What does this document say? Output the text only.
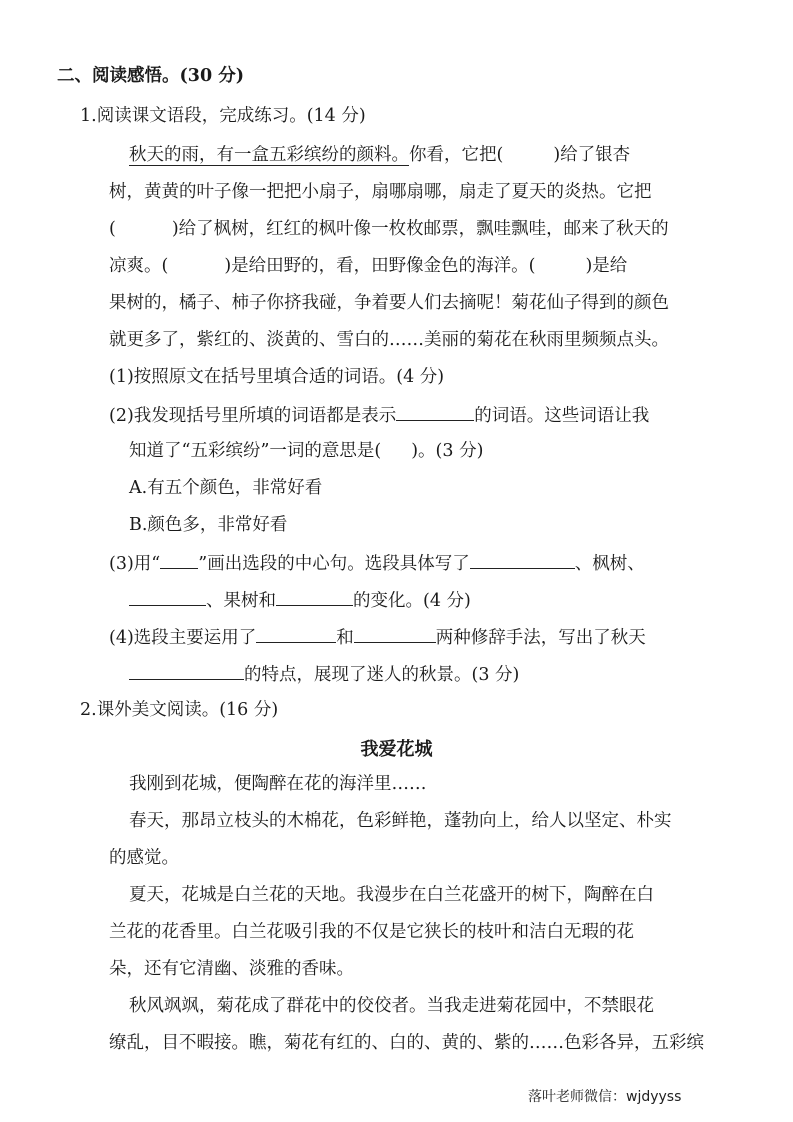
二、阅读感悟。(30 分)
1.阅读课文语段，完成练习。(14 分)
秋天的雨，有一盒五彩缤纷的颜料。你看，它把(	)给了银杏
树，黄黄的叶子像一把把小扇子，扇哪扇哪，扇走了夏天的炎热。它把
(	)给了枫树，红红的枫叶像一枚枚邮票，飘哇飘哇，邮来了秋天的
凉爽。(	)是给田野的，看，田野像金色的海洋。(	)是给
果树的，橘子、柿子你挤我碰，争着要人们去摘呢！菊花仙子得到的颜色
就更多了，紫红的、淡黄的、雪白的……美丽的菊花在秋雨里频频点头。
(1)按照原文在括号里填合适的词语。(4 分)
(2)我发现括号里所填的词语都是表示	的词语。这些词语让我
知道了“五彩缤纷”一词的意思是( )。(3 分)
A.有五个颜色，非常好看
B.颜色多，非常好看
(3)用“ ”画出选段的中心句。选段具体写了	、枫树、
、果树和	的变化。(4 分)
(4)选段主要运用了	和	两种修辞手法，写出了秋天
的特点，展现了迷人的秋景。(3 分)
2.课外美文阅读。(16 分)
我爱花城
我刚到花城，便陶醉在花的海洋里……
春天，那昂立枝头的木棉花，色彩鲜艳，蓬勃向上，给人以坚定、朴实
的感觉。
夏天，花城是白兰花的天地。我漫步在白兰花盛开的树下，陶醉在白
兰花的花香里。白兰花吸引我的不仅是它狭长的枝叶和洁白无瑕的花
朵，还有它清幽、淡雅的香味。
秋风飒飒，菊花成了群花中的佼佼者。当我走进菊花园中，不禁眼花
缭乱，目不暇接。瞧，菊花有红的、白的、黄的、紫的……色彩各异，五彩缤
落叶老师微信：wjdyyss
